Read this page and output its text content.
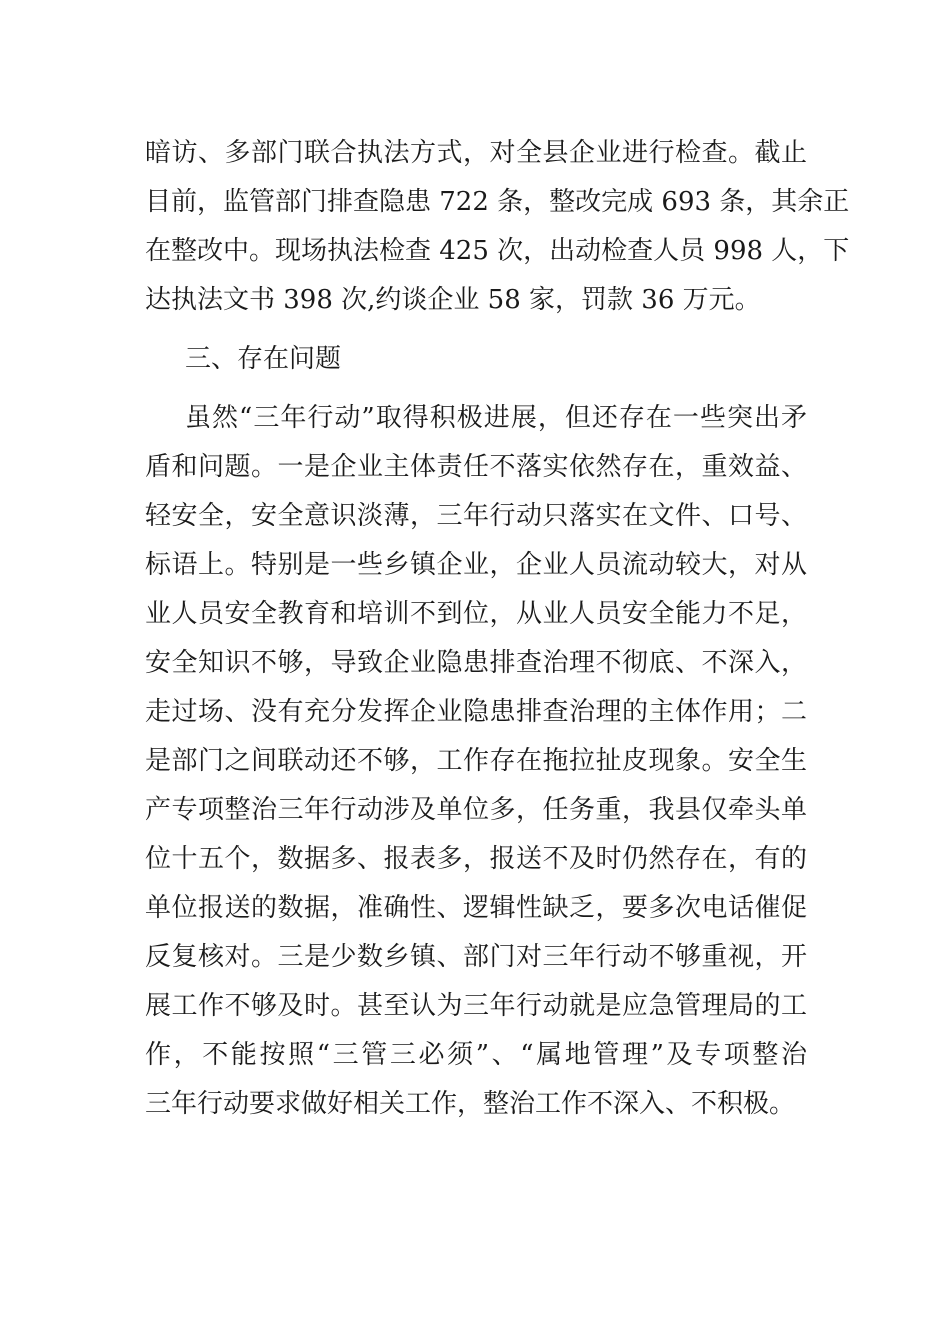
暗访、多部门联合执法方式，对全县企业进行检查。截止
目前，监管部门排查隐患 722 条，整改完成 693 条，其余正
在整改中。现场执法检查 425 次，出动检查人员 998 人，下
达执法文书 398 次,约谈企业 58 家，罚款 36 万元。
三、存在问题
虽然“三年行动”取得积极进展，但还存在一些突出矛
盾和问题。一是企业主体责任不落实依然存在，重效益、
轻安全，安全意识淡薄，三年行动只落实在文件、口号、
标语上。特别是一些乡镇企业，企业人员流动较大，对从
业人员安全教育和培训不到位，从业人员安全能力不足，
安全知识不够，导致企业隐患排查治理不彻底、不深入，
走过场、没有充分发挥企业隐患排查治理的主体作用；二
是部门之间联动还不够，工作存在拖拉扯皮现象。安全生
产专项整治三年行动涉及单位多，任务重，我县仅牵头单
位十五个，数据多、报表多，报送不及时仍然存在，有的
单位报送的数据，准确性、逻辑性缺乏，要多次电话催促
反复核对。三是少数乡镇、部门对三年行动不够重视，开
展工作不够及时。甚至认为三年行动就是应急管理局的工
作，不能按照“三管三必须”、“属地管理”及专项整治
三年行动要求做好相关工作，整治工作不深入、不积极。
